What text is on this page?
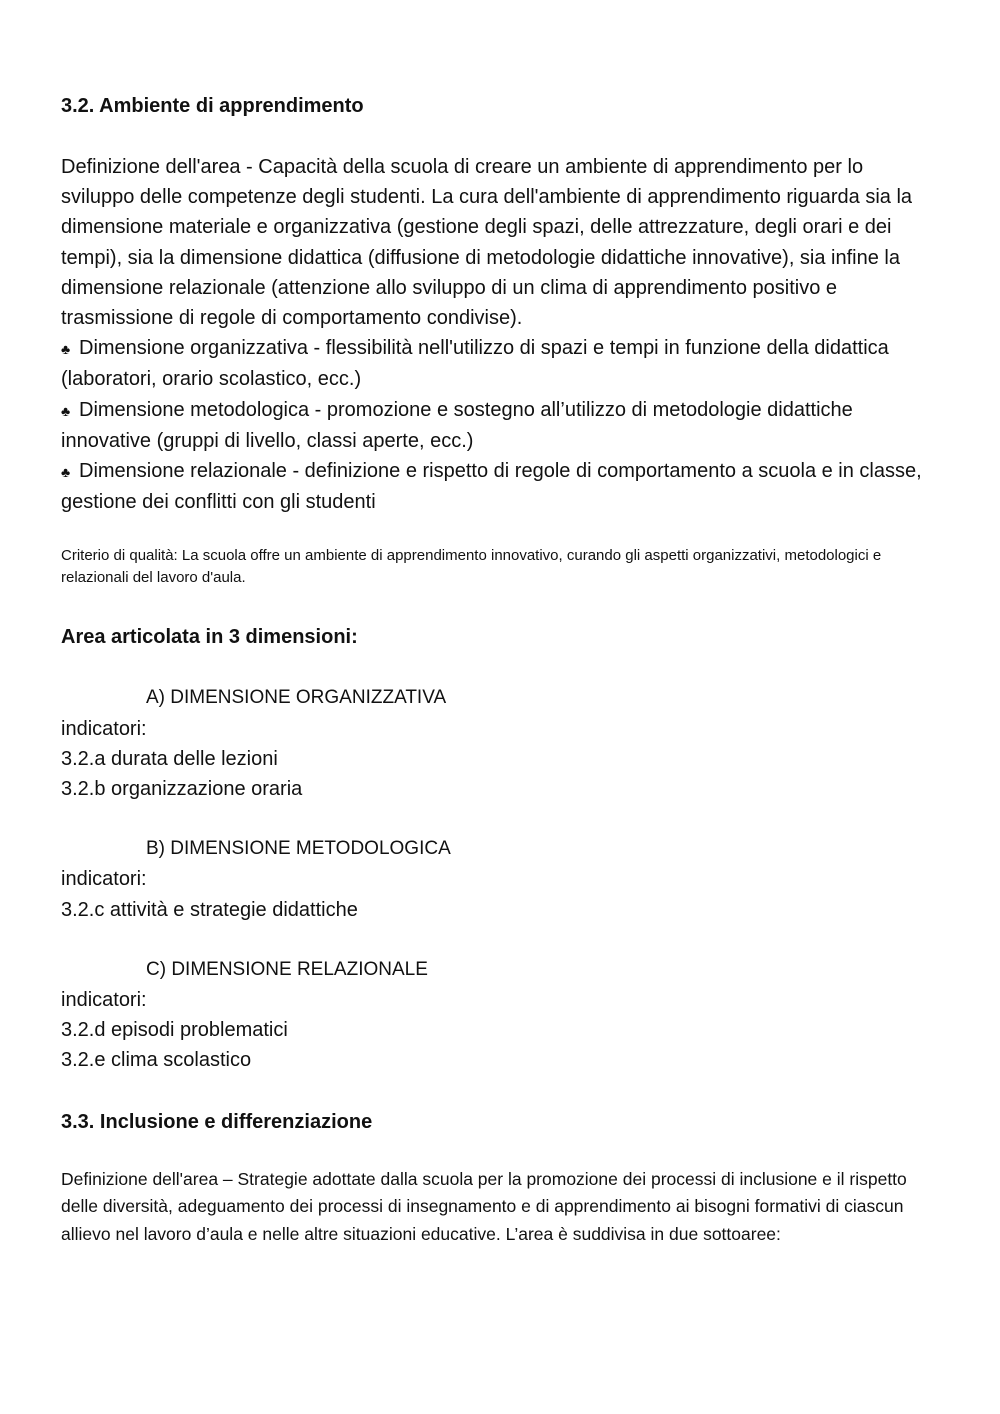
3.2. Ambiente di apprendimento

Definizione dell'area - Capacità della scuola di creare un ambiente di apprendimento per lo sviluppo delle competenze degli studenti. La cura dell'ambiente di apprendimento riguarda sia la dimensione materiale e organizzativa (gestione degli spazi, delle attrezzature, degli orari e dei tempi), sia la dimensione didattica (diffusione di metodologie didattiche innovative), sia infine la dimensione relazionale (attenzione allo sviluppo di un clima di apprendimento positivo e trasmissione di regole di comportamento condivise).

♣ Dimensione organizzativa - flessibilità nell'utilizzo di spazi e tempi in funzione della didattica (laboratori, orario scolastico, ecc.)

♣ Dimensione metodologica - promozione e sostegno all’utilizzo di metodologie didattiche innovative (gruppi di livello, classi aperte, ecc.)

♣ Dimensione relazionale - definizione e rispetto di regole di comportamento a scuola e in classe, gestione dei conflitti con gli studenti

Criterio di qualità: La scuola offre un ambiente di apprendimento innovativo, curando gli aspetti organizzativi, metodologici e relazionali del lavoro d'aula.

Area articolata in 3 dimensioni:

A) DIMENSIONE ORGANIZZATIVA

indicatori:

3.2.a durata delle lezioni

3.2.b organizzazione oraria

B) DIMENSIONE METODOLOGICA

indicatori:

3.2.c attività e strategie didattiche

C) DIMENSIONE RELAZIONALE

indicatori:

3.2.d episodi problematici

3.2.e clima scolastico

3.3. Inclusione e differenziazione

Definizione dell'area – Strategie adottate dalla scuola per la promozione dei processi di inclusione e il rispetto delle diversità, adeguamento dei processi di insegnamento e di apprendimento ai bisogni formativi di ciascun allievo nel lavoro d’aula e nelle altre situazioni educative. L’area è suddivisa in due sottoaree:
